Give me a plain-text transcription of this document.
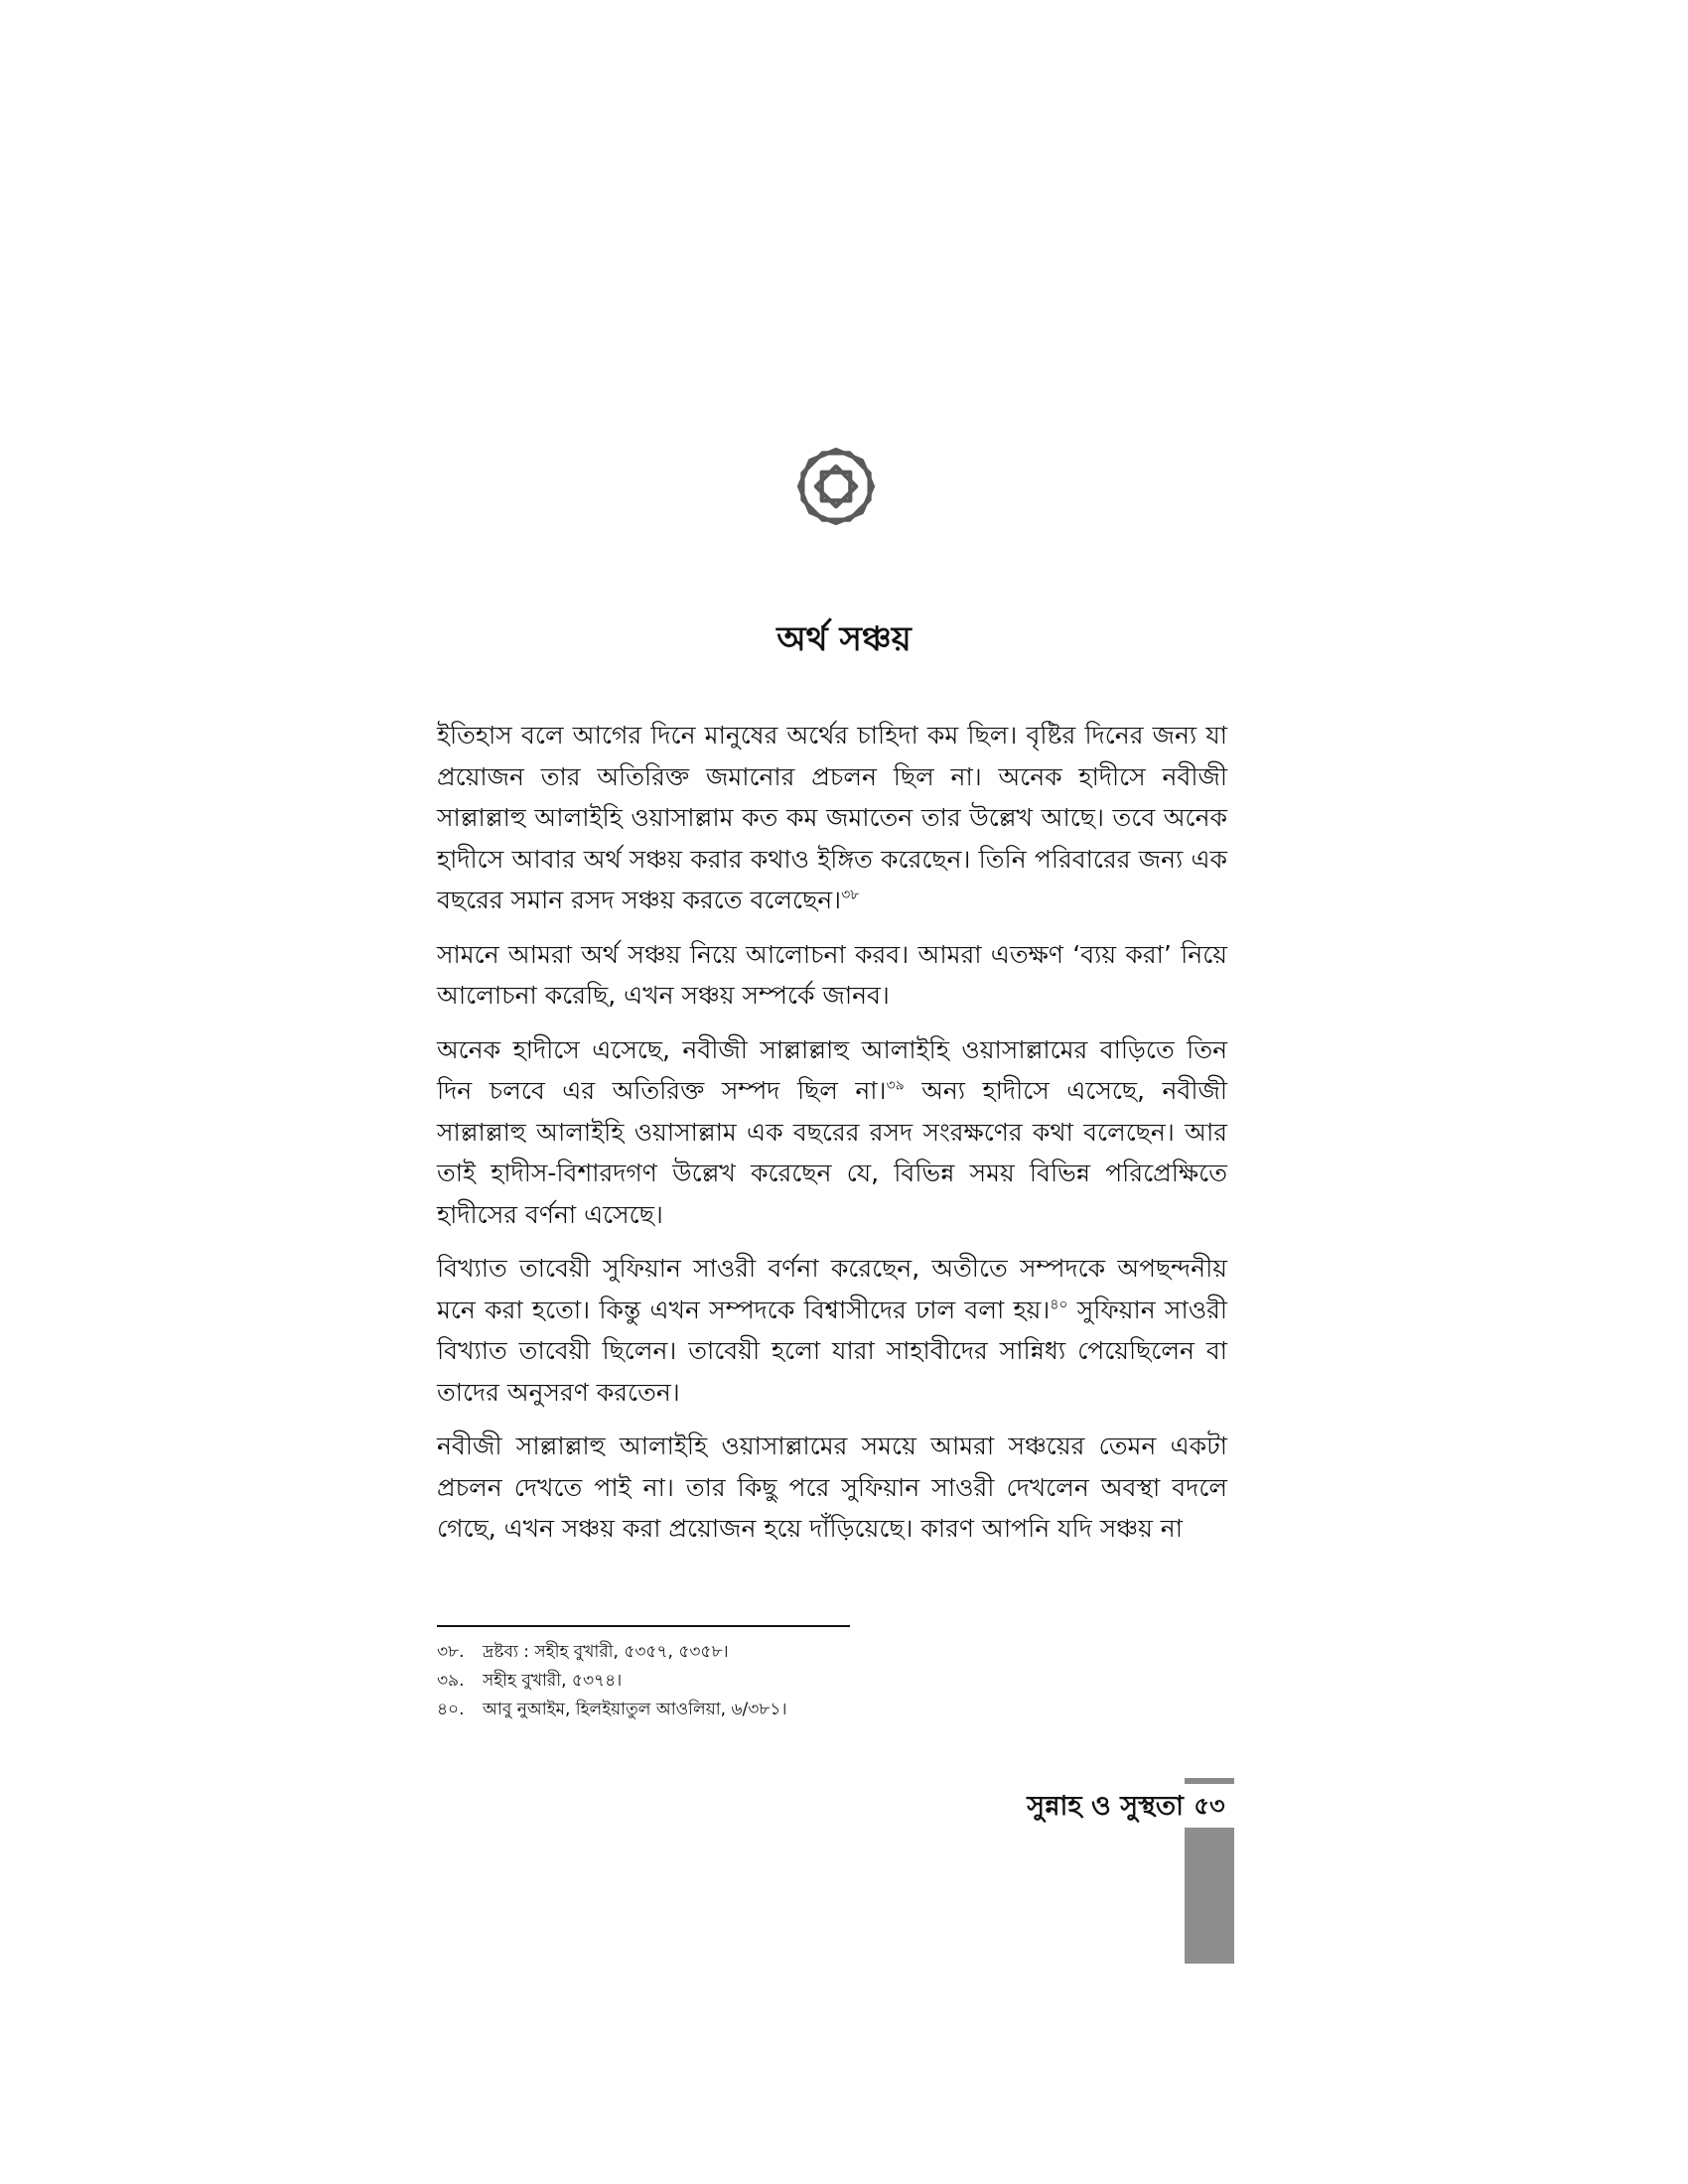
অর্থ সঞ্চয়

ইতিহাস বলে আগের দিনে মানুষের অর্থের চাহিদা কম ছিল। বৃষ্টির দিনের জন্য যা প্রয়োজন তার অতিরিক্ত জমানোর প্রচলন ছিল না। অনেক হাদীসে নবীজী সাল্লাল্লাহু আলাইহি ওয়াসাল্লাম কত কম জমাতেন তার উল্লেখ আছে। তবে অনেক হাদীসে আবার অর্থ সঞ্চয় করার কথাও ইঙ্গিত করেছেন। তিনি পরিবারের জন্য এক বছরের সমান রসদ সঞ্চয় করতে বলেছেন।$^{৩৮}$

সামনে আমরা অর্থ সঞ্চয় নিয়ে আলোচনা করব। আমরা এতক্ষণ ‘ব্যয় করা’ নিয়ে আলোচনা করেছি, এখন সঞ্চয় সম্পর্কে জানব।

অনেক হাদীসে এসেছে, নবীজী সাল্লাল্লাহু আলাইহি ওয়াসাল্লামের বাড়িতে তিন দিন চলবে এর অতিরিক্ত সম্পদ ছিল না।$^{৩৯}$ অন্য হাদীসে এসেছে, নবীজী সাল্লাল্লাহু আলাইহি ওয়াসাল্লাম এক বছরের রসদ সংরক্ষণের কথা বলেছেন। আর তাই হাদীস-বিশারদগণ উল্লেখ করেছেন যে, বিভিন্ন সময় বিভিন্ন পরিপ্রেক্ষিতে হাদীসের বর্ণনা এসেছে।

বিখ্যাত তাবেয়ী সুফিয়ান সাওরী বর্ণনা করেছেন, অতীতে সম্পদকে অপছন্দনীয় মনে করা হতো। কিন্তু এখন সম্পদকে বিশ্বাসীদের ঢাল বলা হয়।$^{৪০}$ সুফিয়ান সাওরী বিখ্যাত তাবেয়ী ছিলেন। তাবেয়ী হলো যারা সাহাবীদের সান্নিধ্য পেয়েছিলেন বা তাদের অনুসরণ করতেন।

নবীজী সাল্লাল্লাহু আলাইহি ওয়াসাল্লামের সময়ে আমরা সঞ্চয়ের তেমন একটা প্রচলন দেখতে পাই না। তার কিছু পরে সুফিয়ান সাওরী দেখলেন অবস্থা বদলে গেছে, এখন সঞ্চয় করা প্রয়োজন হয়ে দাঁড়িয়েছে। কারণ আপনি যদি সঞ্চয় না

৩৮.	দ্রষ্টব্য : সহীহ বুখারী, ৫৩৫৭, ৫৩৫৮।
৩৯.	সহীহ বুখারী, ৫৩৭৪।
৪০.	আবু নুআইম, হিলইয়াতুল আওলিয়া, ৬/৩৮১।
সুন্নাহ ও সুস্থতা ৫৩
